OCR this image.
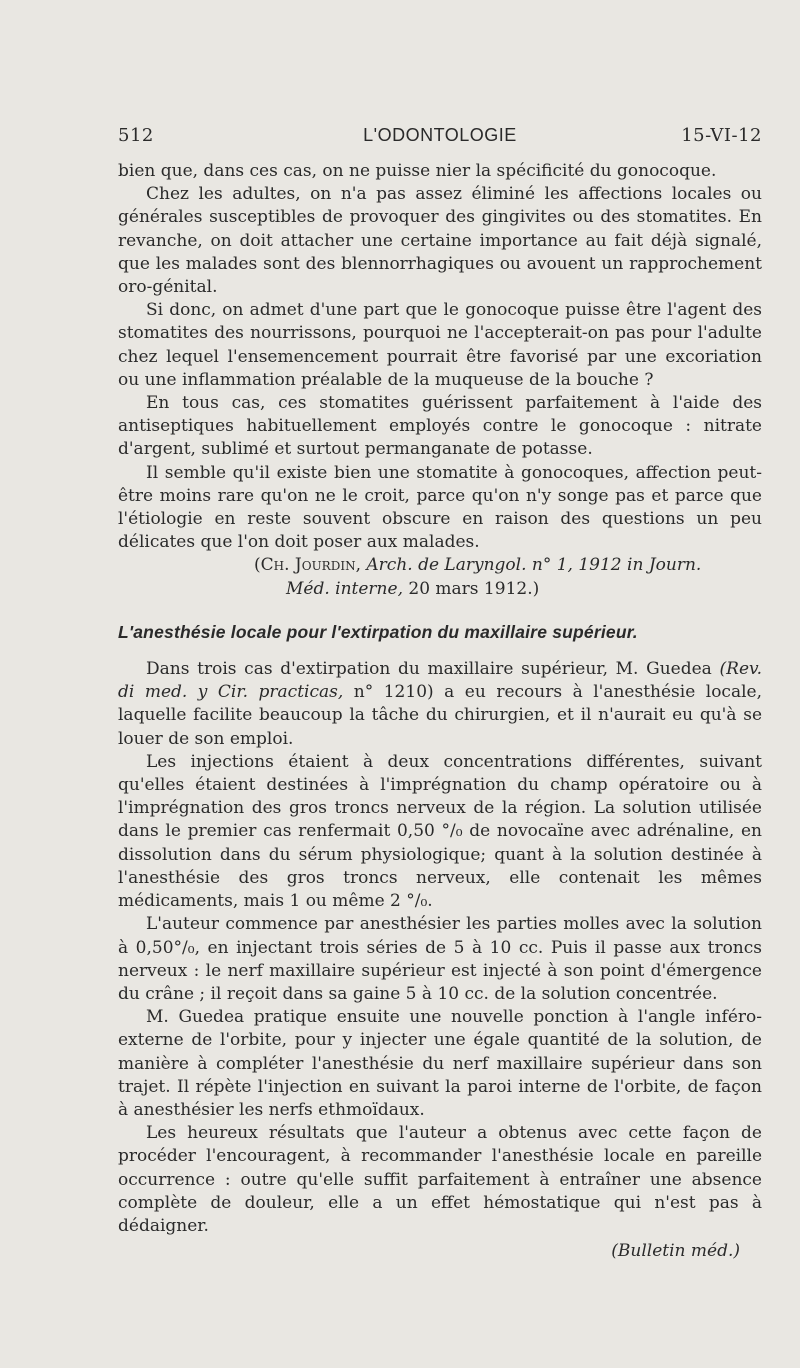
512	L'ODONTOLOGIE	15-VI-12

bien que, dans ces cas, on ne puisse nier la spécificité du gonocoque.

Chez les adultes, on n'a pas assez éliminé les affections locales ou générales susceptibles de provoquer des gingivites ou des stomatites. En revanche, on doit attacher une certaine importance au fait déjà signalé, que les malades sont des blennorrhagiques ou avouent un rapprochement oro-génital.

Si donc, on admet d'une part que le gonocoque puisse être l'agent des stomatites des nourrissons, pourquoi ne l'accepterait-on pas pour l'adulte chez lequel l'ensemencement pourrait être favorisé par une excoriation ou une inflammation préalable de la muqueuse de la bouche ?

En tous cas, ces stomatites guérissent parfaitement à l'aide des antiseptiques habituellement employés contre le gonocoque : nitrate d'argent, sublimé et surtout permanganate de potasse.

Il semble qu'il existe bien une stomatite à gonocoques, affection peut-être moins rare qu'on ne le croit, parce qu'on n'y songe pas et parce que l'étiologie en reste souvent obscure en raison des questions un peu délicates que l'on doit poser aux malades.

(Ch. Jourdin, Arch. de Laryngol. n° 1, 1912 in Journ.
Méd. interne, 20 mars 1912.)
L'anesthésie locale pour l'extirpation du maxillaire supérieur.

Dans trois cas d'extirpation du maxillaire supérieur, M. Guedea (Rev. di med. y Cir. practicas, n° 1210) a eu recours à l'anesthésie locale, laquelle facilite beaucoup la tâche du chirurgien, et il n'aurait eu qu'à se louer de son emploi.

Les injections étaient à deux concentrations différentes, suivant qu'elles étaient destinées à l'imprégnation du champ opératoire ou à l'imprégnation des gros troncs nerveux de la région. La solution utilisée dans le premier cas renfermait 0,50 °/₀ de novocaïne avec adrénaline, en dissolution dans du sérum physiologique; quant à la solution destinée à l'anesthésie des gros troncs nerveux, elle contenait les mêmes médicaments, mais 1 ou même 2 °/₀.

L'auteur commence par anesthésier les parties molles avec la solution à 0,50°/₀, en injectant trois séries de 5 à 10 cc. Puis il passe aux troncs nerveux : le nerf maxillaire supérieur est injecté à son point d'émergence du crâne ; il reçoit dans sa gaine 5 à 10 cc. de la solution concentrée.

M. Guedea pratique ensuite une nouvelle ponction à l'angle inféro-externe de l'orbite, pour y injecter une égale quantité de la solution, de manière à compléter l'anesthésie du nerf maxillaire supérieur dans son trajet. Il répète l'injection en suivant la paroi interne de l'orbite, de façon à anesthésier les nerfs ethmoïdaux.

Les heureux résultats que l'auteur a obtenus avec cette façon de procéder l'encouragent, à recommander l'anesthésie locale en pareille occurrence : outre qu'elle suffit parfaitement à entraîner une absence complète de douleur, elle a un effet hémostatique qui n'est pas à dédaigner.

(Bulletin méd.)
